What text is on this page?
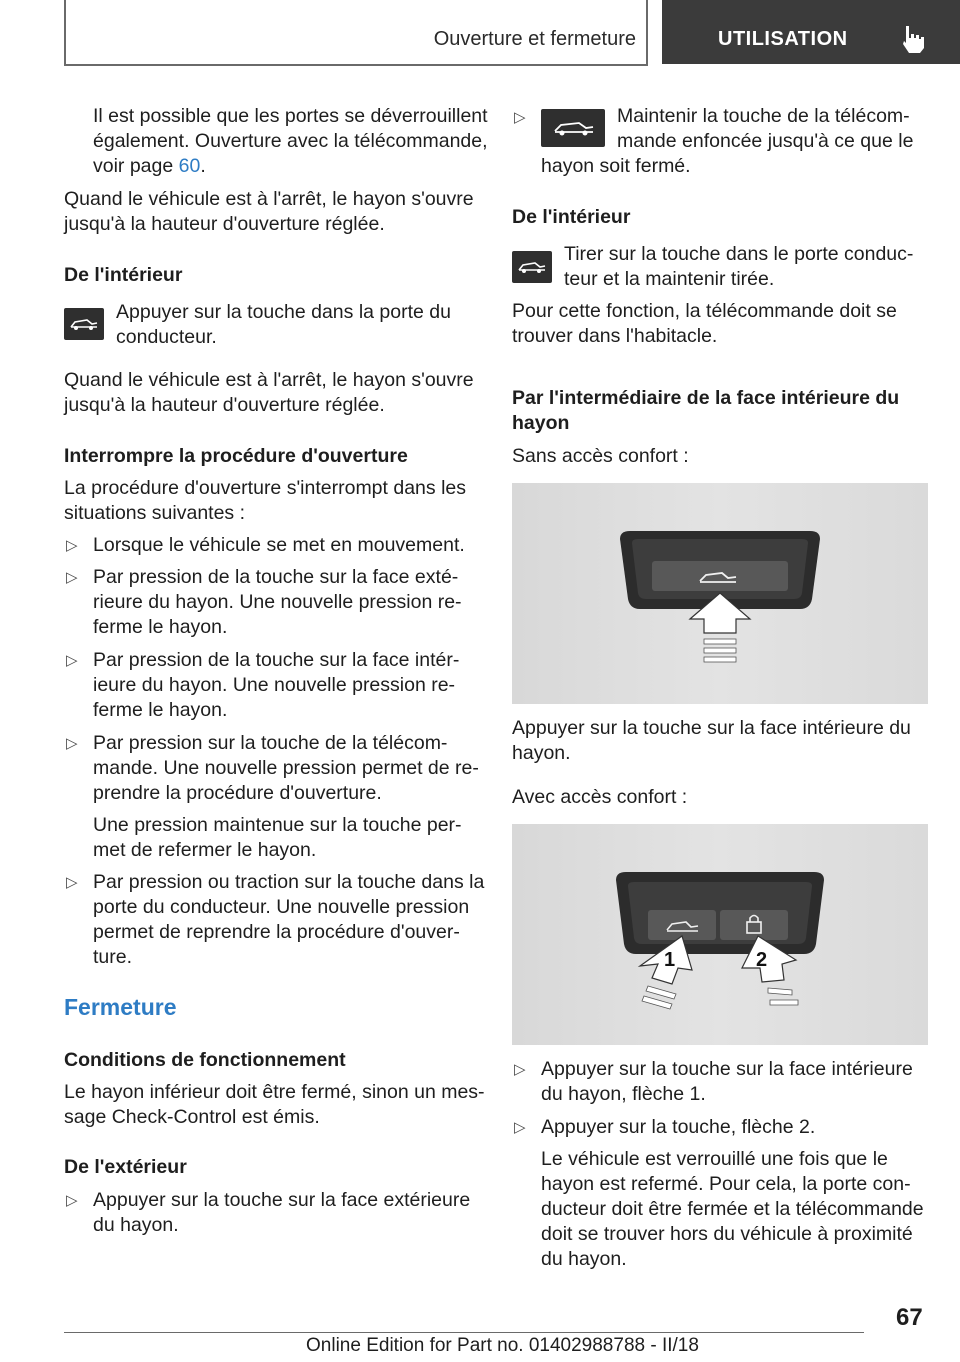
Ouverture et fermeture	UTILISATION

Il est possible que les portes se déverrouillent

également. Ouverture avec la télécommande,

voir page 60.

Quand le véhicule est à l'arrêt, le hayon s'ouvre

jusqu'à la hauteur d'ouverture réglée.

De l'intérieur

Appuyer sur la touche dans la porte du

conducteur.

Quand le véhicule est à l'arrêt, le hayon s'ouvre

jusqu'à la hauteur d'ouverture réglée.

Interrompre la procédure d'ouverture

La procédure d'ouverture s'interrompt dans les

situations suivantes :

▷ Lorsque le véhicule se met en mouvement.

▷ Par pression de la touche sur la face exté-

rieure du hayon. Une nouvelle pression re-

ferme le hayon.

▷ Par pression de la touche sur la face intér-

ieure du hayon. Une nouvelle pression re-

ferme le hayon.

▷ Par pression sur la touche de la télécom-

mande. Une nouvelle pression permet de re-

prendre la procédure d'ouverture.

Une pression maintenue sur la touche per-

met de refermer le hayon.

▷ Par pression ou traction sur la touche dans la

porte du conducteur. Une nouvelle pression

permet de reprendre la procédure d'ouver-

ture.

Fermeture

Conditions de fonctionnement

Le hayon inférieur doit être fermé, sinon un mes-

sage Check-Control est émis.

De l'extérieur

▷ Appuyer sur la touche sur la face extérieure

du hayon.

▷	Maintenir la touche de la télécom-

mande enfoncée jusqu'à ce que le

hayon soit fermé.

De l'intérieur

Tirer sur la touche dans le porte conduc-

teur et la maintenir tirée.

Pour cette fonction, la télécommande doit se

trouver dans l'habitacle.

Par l'intermédiaire de la face intérieure du

hayon

Sans accès confort :

Appuyer sur la touche sur la face intérieure du

hayon.

Avec accès confort :

1	2
▷ Appuyer sur la touche sur la face intérieure

du hayon, flèche 1.

▷ Appuyer sur la touche, flèche 2.

Le véhicule est verrouillé une fois que le

hayon est refermé. Pour cela, la porte con-

ducteur doit être fermée et la télécommande

doit se trouver hors du véhicule à proximité

du hayon.

67
Online Edition for Part no. 01402988788 - II/18
